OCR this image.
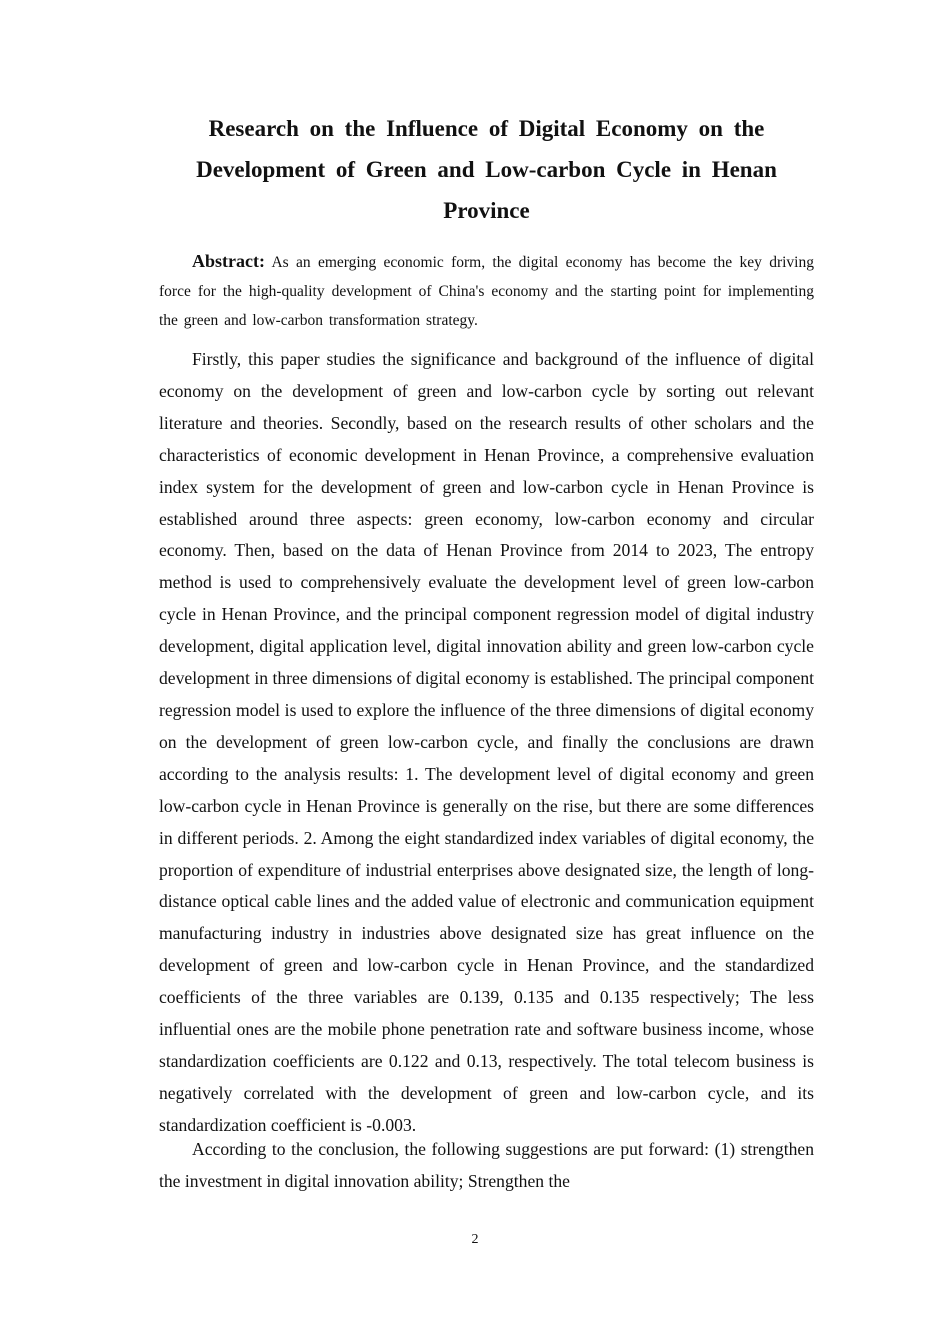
Research on the Influence of Digital Economy on the Development of Green and Low-carbon Cycle in Henan Province
Abstract: As an emerging economic form, the digital economy has become the key driving force for the high-quality development of China's economy and the starting point for implementing the green and low-carbon transformation strategy.

Firstly, this paper studies the significance and background of the influence of digital economy on the development of green and low-carbon cycle by sorting out relevant literature and theories. Secondly, based on the research results of other scholars and the characteristics of economic development in Henan Province, a comprehensive evaluation index system for the development of green and low-carbon cycle in Henan Province is established around three aspects: green economy, low-carbon economy and circular economy. Then, based on the data of Henan Province from 2014 to 2023, The entropy method is used to comprehensively evaluate the development level of green low-carbon cycle in Henan Province, and the principal component regression model of digital industry development, digital application level, digital innovation ability and green low-carbon cycle development in three dimensions of digital economy is established. The principal component regression model is used to explore the influence of the three dimensions of digital economy on the development of green low-carbon cycle, and finally the conclusions are drawn according to the analysis results: 1. The development level of digital economy and green low-carbon cycle in Henan Province is generally on the rise, but there are some differences in different periods. 2. Among the eight standardized index variables of digital economy, the proportion of expenditure of industrial enterprises above designated size, the length of long-distance optical cable lines and the added value of electronic and communication equipment manufacturing industry in industries above designated size has great influence on the development of green and low-carbon cycle in Henan Province, and the standardized coefficients of the three variables are 0.139, 0.135 and 0.135 respectively; The less influential ones are the mobile phone penetration rate and software business income, whose standardization coefficients are 0.122 and 0.13, respectively. The total telecom business is negatively correlated with the development of green and low-carbon cycle, and its standardization coefficient is -0.003.

According to the conclusion, the following suggestions are put forward: (1) strengthen the investment in digital innovation ability; Strengthen the

2
